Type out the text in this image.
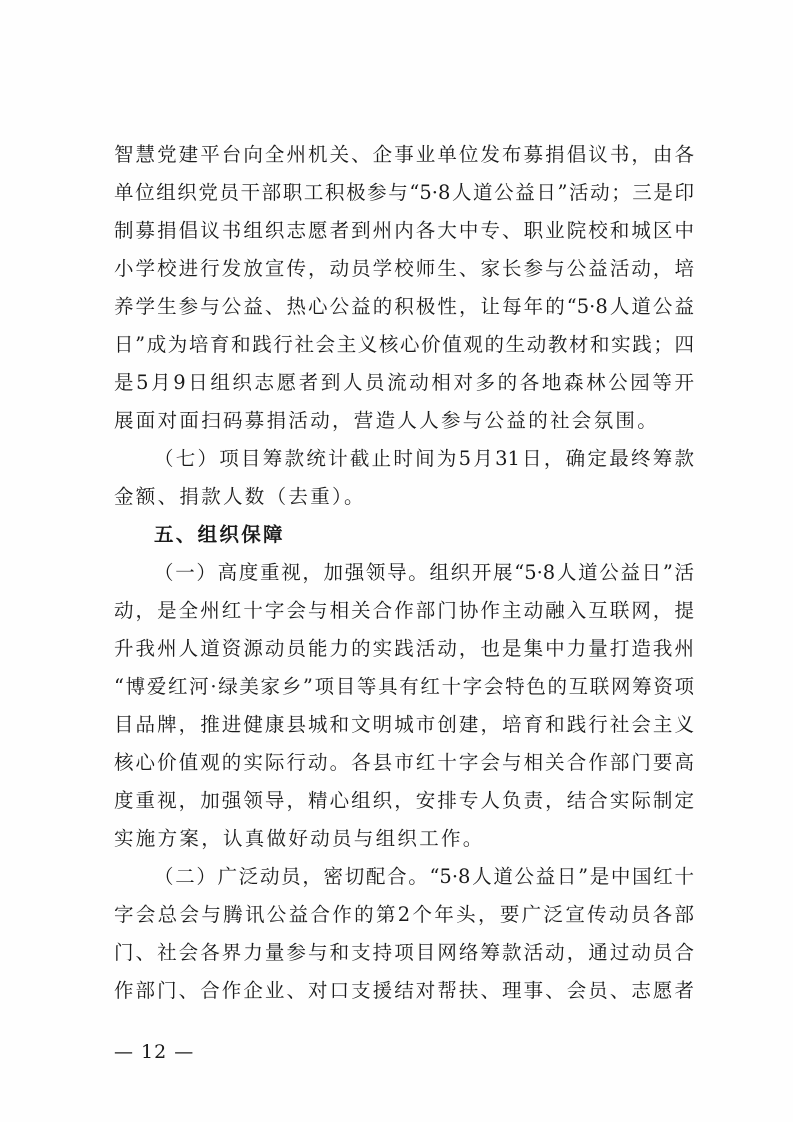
智慧党建平台向全州机关、企事业单位发布募捐倡议书，由各
单位组织党员干部职工积极参与“5·8人道公益日”活动；三是印
制募捐倡议书组织志愿者到州内各大中专、职业院校和城区中
小学校进行发放宣传，动员学校师生、家长参与公益活动，培
养学生参与公益、热心公益的积极性，让每年的“5·8人道公益
日”成为培育和践行社会主义核心价值观的生动教材和实践；四
是5月9日组织志愿者到人员流动相对多的各地森林公园等开
展面对面扫码募捐活动，营造人人参与公益的社会氛围。
（七）项目筹款统计截止时间为5月31日，确定最终筹款
金额、捐款人数（去重）。
五、组织保障
（一）高度重视，加强领导。组织开展“5·8人道公益日”活
动，是全州红十字会与相关合作部门协作主动融入互联网，提
升我州人道资源动员能力的实践活动，也是集中力量打造我州
“博爱红河·绿美家乡”项目等具有红十字会特色的互联网筹资项
目品牌，推进健康县城和文明城市创建，培育和践行社会主义
核心价值观的实际行动。各县市红十字会与相关合作部门要高
度重视，加强领导，精心组织，安排专人负责，结合实际制定
实施方案，认真做好动员与组织工作。
（二）广泛动员，密切配合。“5·8人道公益日”是中国红十
字会总会与腾讯公益合作的第2个年头，要广泛宣传动员各部
门、社会各界力量参与和支持项目网络筹款活动，通过动员合
作部门、合作企业、对口支援结对帮扶、理事、会员、志愿者
— 12 —
